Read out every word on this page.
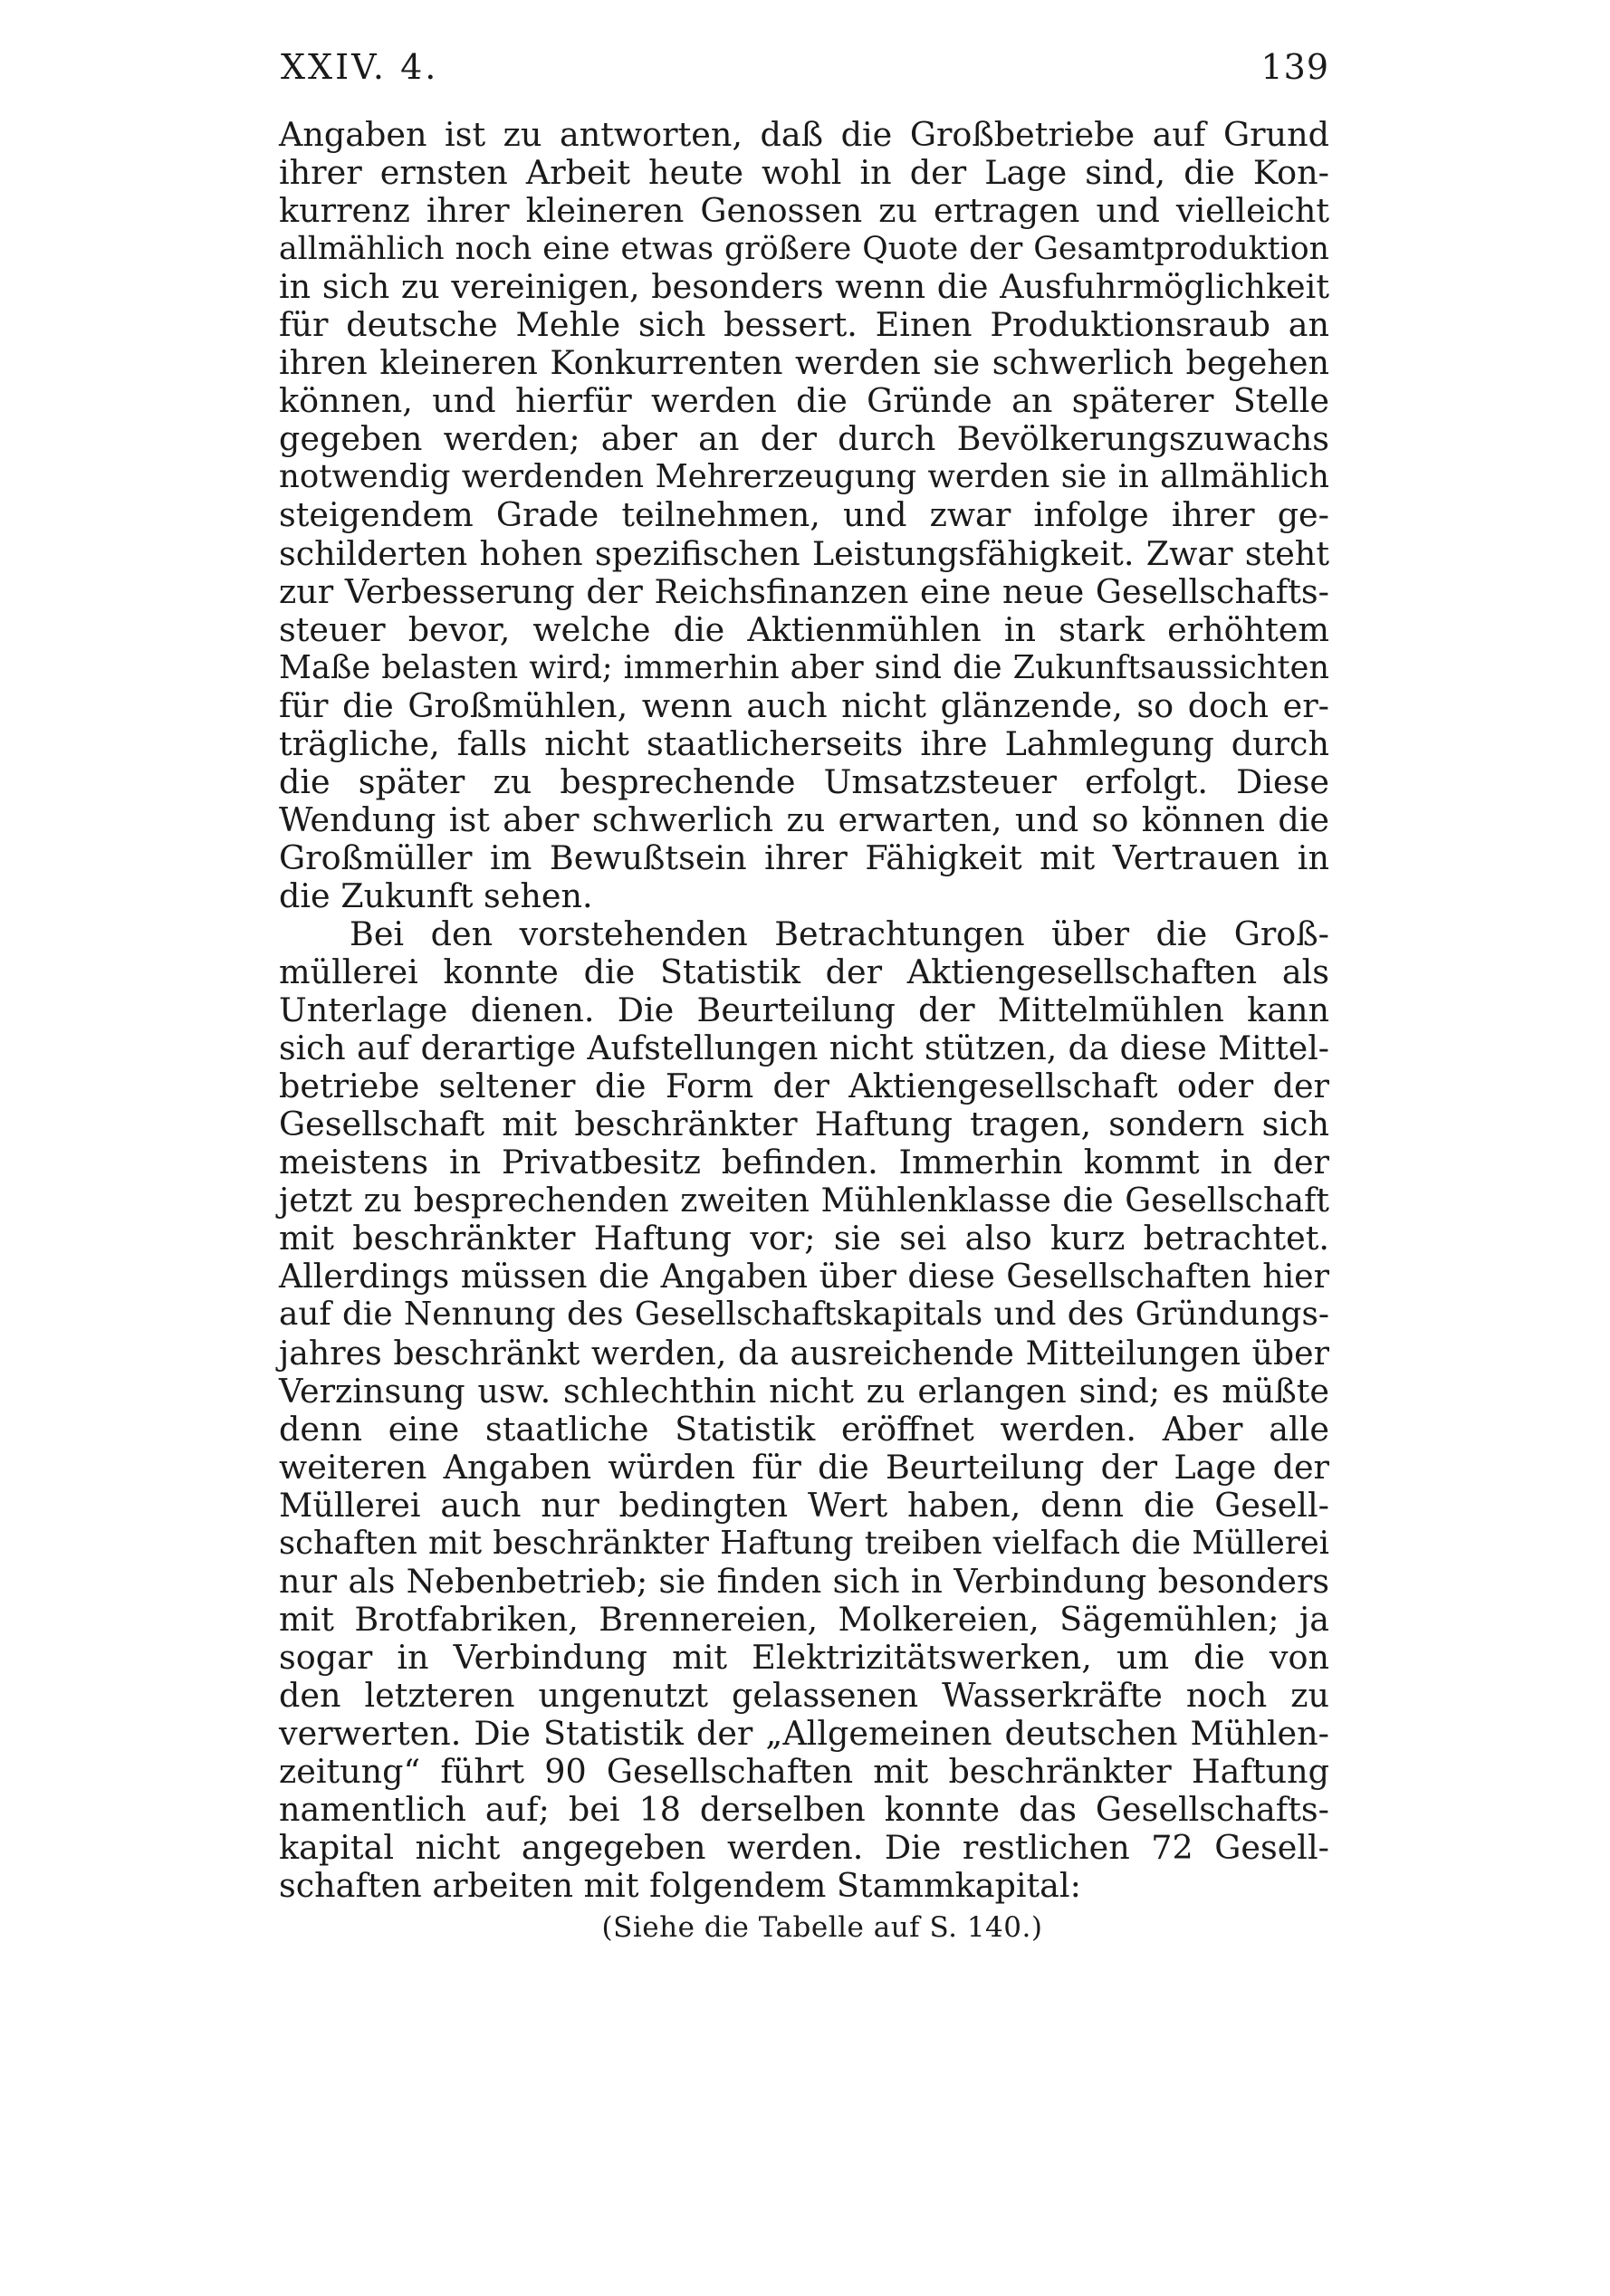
XXIV. 4.	139
Angaben ist zu antworten, daß die Großbetriebe auf Grund
ihrer ernsten Arbeit heute wohl in der Lage sind, die Kon-
kurrenz ihrer kleineren Genossen zu ertragen und vielleicht
allmählich noch eine etwas größere Quote der Gesamtproduktion
in sich zu vereinigen, besonders wenn die Ausfuhrmöglichkeit
für deutsche Mehle sich bessert. Einen Produktionsraub an
ihren kleineren Konkurrenten werden sie schwerlich begehen
können, und hierfür werden die Gründe an späterer Stelle
gegeben werden; aber an der durch Bevölkerungszuwachs
notwendig werdenden Mehrerzeugung werden sie in allmählich
steigendem Grade teilnehmen, und zwar infolge ihrer ge-
schilderten hohen spezifischen Leistungsfähigkeit. Zwar steht
zur Verbesserung der Reichsfinanzen eine neue Gesellschafts-
steuer bevor, welche die Aktienmühlen in stark erhöhtem
Maße belasten wird; immerhin aber sind die Zukunftsaussichten
für die Großmühlen, wenn auch nicht glänzende, so doch er-
trägliche, falls nicht staatlicherseits ihre Lahmlegung durch
die später zu besprechende Umsatzsteuer erfolgt. Diese
Wendung ist aber schwerlich zu erwarten, und so können die
Großmüller im Bewußtsein ihrer Fähigkeit mit Vertrauen in
die Zukunft sehen.
Bei den vorstehenden Betrachtungen über die Groß-
müllerei konnte die Statistik der Aktiengesellschaften als
Unterlage dienen. Die Beurteilung der Mittelmühlen kann
sich auf derartige Aufstellungen nicht stützen, da diese Mittel-
betriebe seltener die Form der Aktiengesellschaft oder der
Gesellschaft mit beschränkter Haftung tragen, sondern sich
meistens in Privatbesitz befinden. Immerhin kommt in der
jetzt zu besprechenden zweiten Mühlenklasse die Gesellschaft
mit beschränkter Haftung vor; sie sei also kurz betrachtet.
Allerdings müssen die Angaben über diese Gesellschaften hier
auf die Nennung des Gesellschaftskapitals und des Gründungs-
jahres beschränkt werden, da ausreichende Mitteilungen über
Verzinsung usw. schlechthin nicht zu erlangen sind; es müßte
denn eine staatliche Statistik eröffnet werden. Aber alle
weiteren Angaben würden für die Beurteilung der Lage der
Müllerei auch nur bedingten Wert haben, denn die Gesell-
schaften mit beschränkter Haftung treiben vielfach die Müllerei
nur als Nebenbetrieb; sie finden sich in Verbindung besonders
mit Brotfabriken, Brennereien, Molkereien, Sägemühlen; ja
sogar in Verbindung mit Elektrizitätswerken, um die von
den letzteren ungenutzt gelassenen Wasserkräfte noch zu
verwerten. Die Statistik der „Allgemeinen deutschen Mühlen-
zeitung“ führt 90 Gesellschaften mit beschränkter Haftung
namentlich auf; bei 18 derselben konnte das Gesellschafts-
kapital nicht angegeben werden. Die restlichen 72 Gesell-
schaften arbeiten mit folgendem Stammkapital:
(Siehe die Tabelle auf S. 140.)
